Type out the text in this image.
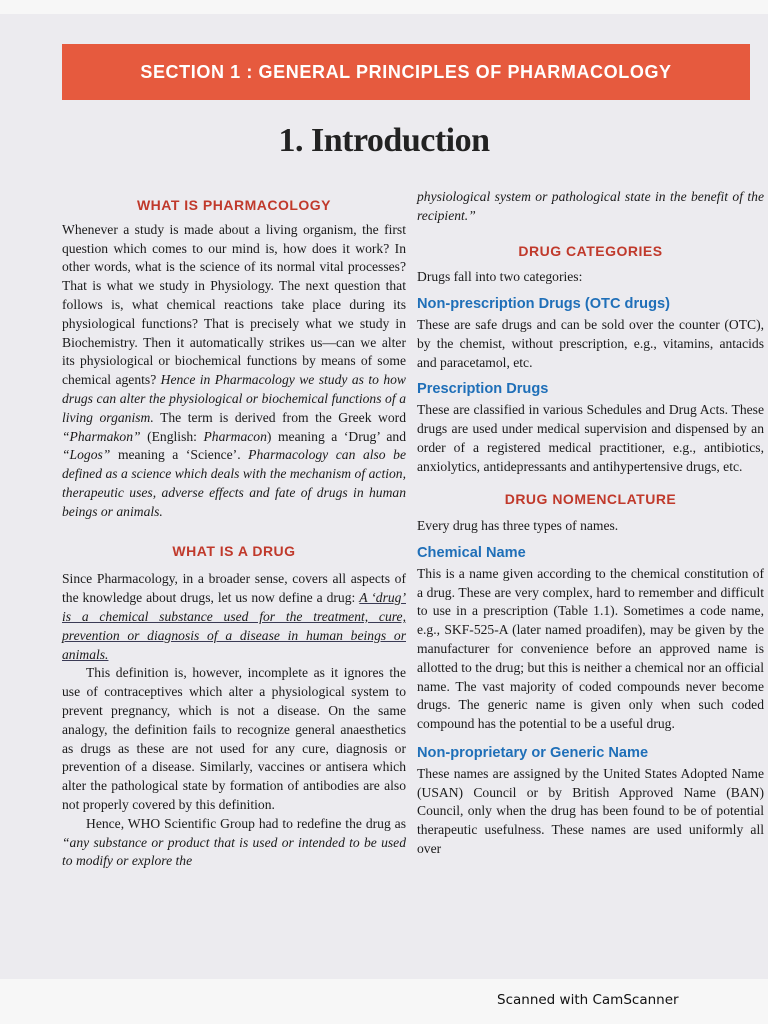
SECTION 1 : GENERAL PRINCIPLES OF PHARMACOLOGY
1. Introduction

WHAT IS PHARMACOLOGY

Whenever a study is made about a living organism, the first question which comes to our mind is, how does it work? In other words, what is the science of its normal vital processes? That is what we study in Physiology. The next question that follows is, what chemical reactions take place during its physiological functions? That is precisely what we study in Biochemistry. Then it automatically strikes us—can we alter its physiological or biochemical functions by means of some chemical agents? Hence in Pharmacology we study as to how drugs can alter the physiological or biochemical functions of a living organism. The term is derived from the Greek word “Pharmakon” (English: Pharmacon) meaning a ‘Drug’ and “Logos” meaning a ‘Science’. Pharmacology can also be defined as a science which deals with the mechanism of action, therapeutic uses, adverse effects and fate of drugs in human beings or animals.

WHAT IS A DRUG

Since Pharmacology, in a broader sense, covers all aspects of the knowledge about drugs, let us now define a drug: A ‘drug’ is a chemical substance used for the treatment, cure, prevention or diagnosis of a disease in human beings or animals.

This definition is, however, incomplete as it ignores the use of contraceptives which alter a physiological system to prevent pregnancy, which is not a disease. On the same analogy, the definition fails to recognize general anaesthetics as drugs as these are not used for any cure, diagnosis or prevention of a disease. Similarly, vaccines or antisera which alter the pathological state by formation of antibodies are also not properly covered by this definition.

Hence, WHO Scientific Group had to redefine the drug as “any substance or product that is used or intended to be used to modify or explore the

physiological system or pathological state in the benefit of the recipient.”

DRUG CATEGORIES

Drugs fall into two categories:

Non-prescription Drugs (OTC drugs)

These are safe drugs and can be sold over the counter (OTC), by the chemist, without prescription, e.g., vitamins, antacids and paracetamol, etc.

Prescription Drugs

These are classified in various Schedules and Drug Acts. These drugs are used under medical supervision and dispensed by an order of a registered medical practitioner, e.g., antibiotics, anxiolytics, antidepressants and antihypertensive drugs, etc.

DRUG NOMENCLATURE

Every drug has three types of names.

Chemical Name

This is a name given according to the chemical constitution of a drug. These are very complex, hard to remember and difficult to use in a prescription (Table 1.1). Sometimes a code name, e.g., SKF-525-A (later named proadifen), may be given by the manufacturer for convenience before an approved name is allotted to the drug; but this is neither a chemical nor an official name. The vast majority of coded compounds never become drugs. The generic name is given only when such coded compound has the potential to be a useful drug.

Non-proprietary or Generic Name

These names are assigned by the United States Adopted Name (USAN) Council or by British Approved Name (BAN) Council, only when the drug has been found to be of potential therapeutic usefulness. These names are used uniformly all over

Scanned with CamScanner
